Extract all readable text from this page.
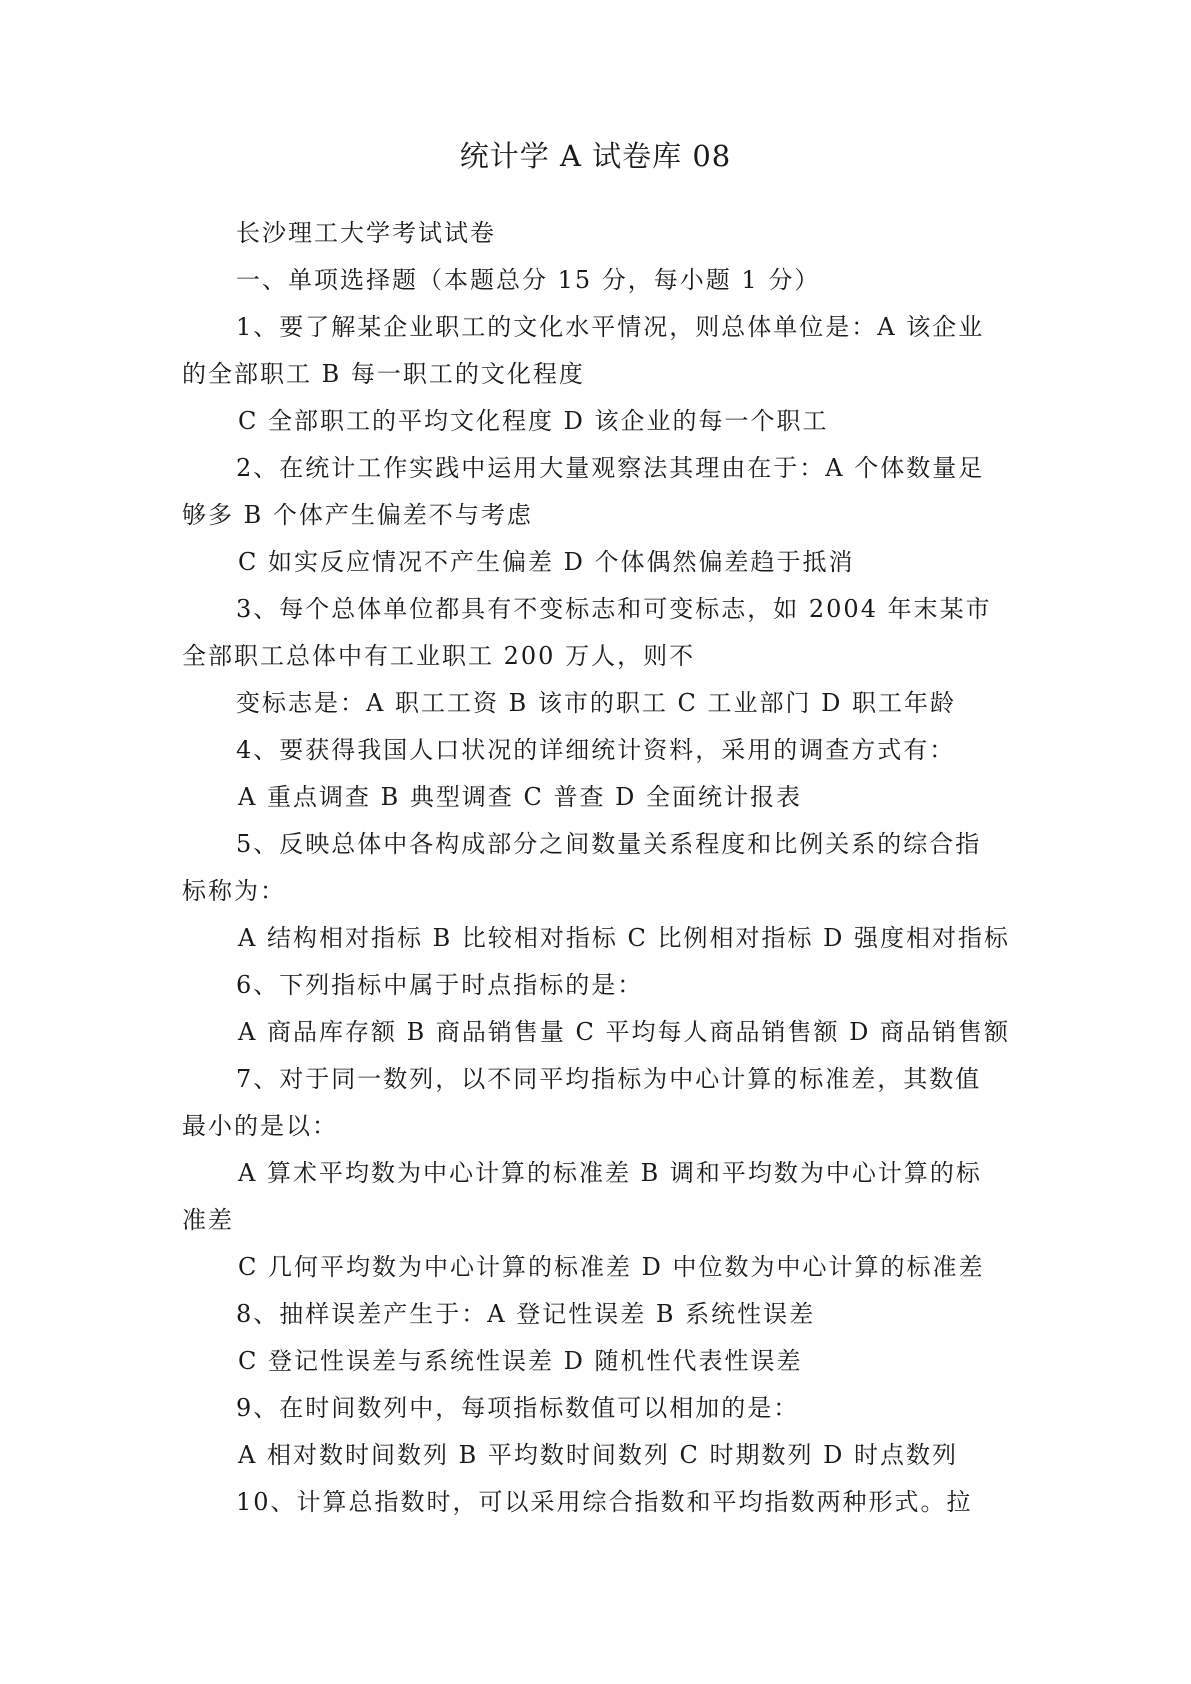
统计学 A 试卷库 08

长沙理工大学考试试卷

一、单项选择题（本题总分 15 分，每小题 1 分）

1、要了解某企业职工的文化水平情况，则总体单位是：A 该企业

的全部职工 B 每一职工的文化程度

C 全部职工的平均文化程度 D 该企业的每一个职工

2、在统计工作实践中运用大量观察法其理由在于：A 个体数量足

够多 B 个体产生偏差不与考虑

C 如实反应情况不产生偏差 D 个体偶然偏差趋于抵消

3、每个总体单位都具有不变标志和可变标志，如 2004 年末某市

全部职工总体中有工业职工 200 万人，则不

变标志是：A 职工工资 B 该市的职工 C 工业部门 D 职工年龄

4、要获得我国人口状况的详细统计资料，采用的调查方式有：

A 重点调查 B 典型调查 C 普查 D 全面统计报表

5、反映总体中各构成部分之间数量关系程度和比例关系的综合指

标称为：

A 结构相对指标 B 比较相对指标 C 比例相对指标 D 强度相对指标

6、下列指标中属于时点指标的是：

A 商品库存额 B 商品销售量 C 平均每人商品销售额 D 商品销售额

7、对于同一数列，以不同平均指标为中心计算的标准差，其数值

最小的是以：

A 算术平均数为中心计算的标准差 B 调和平均数为中心计算的标

准差

C 几何平均数为中心计算的标准差 D 中位数为中心计算的标准差

8、抽样误差产生于：A 登记性误差 B 系统性误差

C 登记性误差与系统性误差 D 随机性代表性误差

9、在时间数列中，每项指标数值可以相加的是：

A 相对数时间数列 B 平均数时间数列 C 时期数列 D 时点数列

10、计算总指数时，可以采用综合指数和平均指数两种形式。拉
